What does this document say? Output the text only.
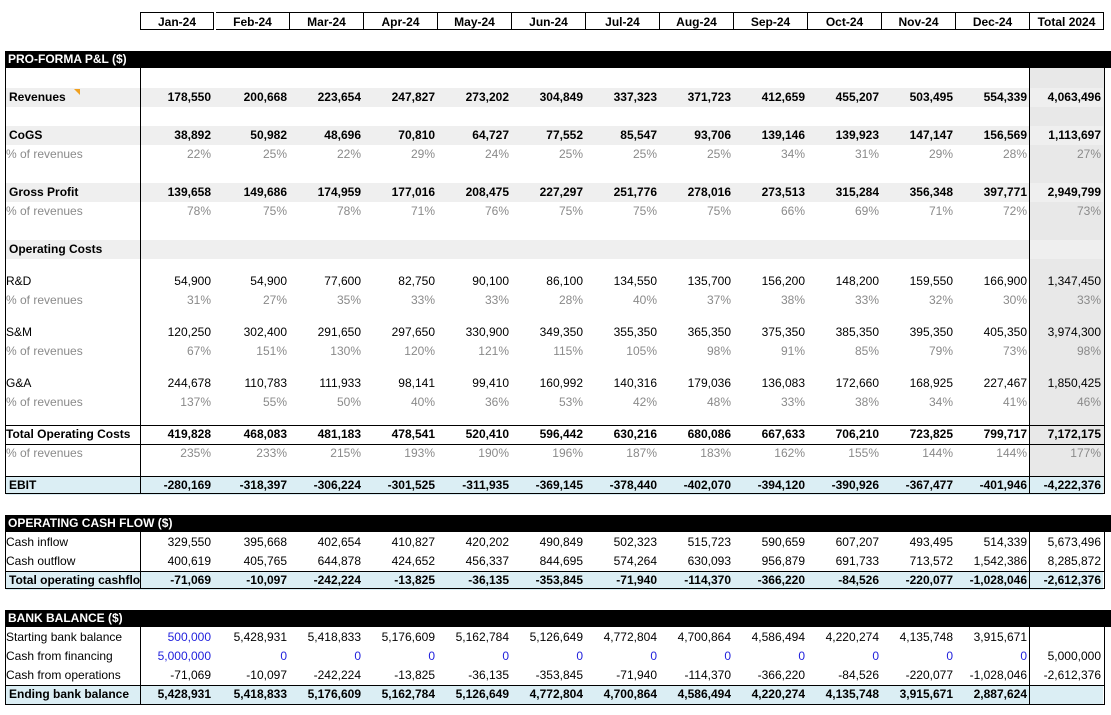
Jan-24	Feb-24	Mar-24	Apr-24	May-24	Jun-24	Jul-24	Aug-24	Sep-24	Oct-24	Nov-24	Dec-24	Total 2024
PRO-FORMA P&L ($)
OPERATING CASH FLOW ($)
BANK BALANCE ($)
Revenues	178,550	200,668	223,654	247,827	273,202	304,849	337,323	371,723	412,659	455,207	503,495	554,339	4,063,496
CoGS	38,892	50,982	48,696	70,810	64,727	77,552	85,547	93,706	139,146	139,923	147,147	156,569	1,113,697
% of revenues	22%	25%	22%	29%	24%	25%	25%	25%	34%	31%	29%	28%	27%
Gross Profit	139,658	149,686	174,959	177,016	208,475	227,297	251,776	278,016	273,513	315,284	356,348	397,771	2,949,799
% of revenues	78%	75%	78%	71%	76%	75%	75%	75%	66%	69%	71%	72%	73%
Operating Costs
R&D	54,900	54,900	77,600	82,750	90,100	86,100	134,550	135,700	156,200	148,200	159,550	166,900	1,347,450
% of revenues	31%	27%	35%	33%	33%	28%	40%	37%	38%	33%	32%	30%	33%
S&M	120,250	302,400	291,650	297,650	330,900	349,350	355,350	365,350	375,350	385,350	395,350	405,350	3,974,300
% of revenues	67%	151%	130%	120%	121%	115%	105%	98%	91%	85%	79%	73%	98%
G&A	244,678	110,783	111,933	98,141	99,410	160,992	140,316	179,036	136,083	172,660	168,925	227,467	1,850,425
% of revenues	137%	55%	50%	40%	36%	53%	42%	48%	33%	38%	34%	41%	46%
Total Operating Costs	419,828	468,083	481,183	478,541	520,410	596,442	630,216	680,086	667,633	706,210	723,825	799,717	7,172,175
% of revenues	235%	233%	215%	193%	190%	196%	187%	183%	162%	155%	144%	144%	177%
EBIT	-280,169	-318,397	-306,224	-301,525	-311,935	-369,145	-378,440	-402,070	-394,120	-390,926	-367,477	-401,946	-4,222,376
Cash inflow	329,550	395,668	402,654	410,827	420,202	490,849	502,323	515,723	590,659	607,207	493,495	514,339	5,673,496
Cash outflow	400,619	405,765	644,878	424,652	456,337	844,695	574,264	630,093	956,879	691,733	713,572	1,542,386	8,285,872
Total operating cashflo	-71,069	-10,097	-242,224	-13,825	-36,135	-353,845	-71,940	-114,370	-366,220	-84,526	-220,077	-1,028,046	-2,612,376
Starting bank balance	500,000	5,428,931	5,418,833	5,176,609	5,162,784	5,126,649	4,772,804	4,700,864	4,586,494	4,220,274	4,135,748	3,915,671
Cash from financing	5,000,000	0	0	0	0	0	0	0	0	0	0	0	5,000,000
Cash from operations	-71,069	-10,097	-242,224	-13,825	-36,135	-353,845	-71,940	-114,370	-366,220	-84,526	-220,077	-1,028,046	-2,612,376
Ending bank balance	5,428,931	5,418,833	5,176,609	5,162,784	5,126,649	4,772,804	4,700,864	4,586,494	4,220,274	4,135,748	3,915,671	2,887,624
